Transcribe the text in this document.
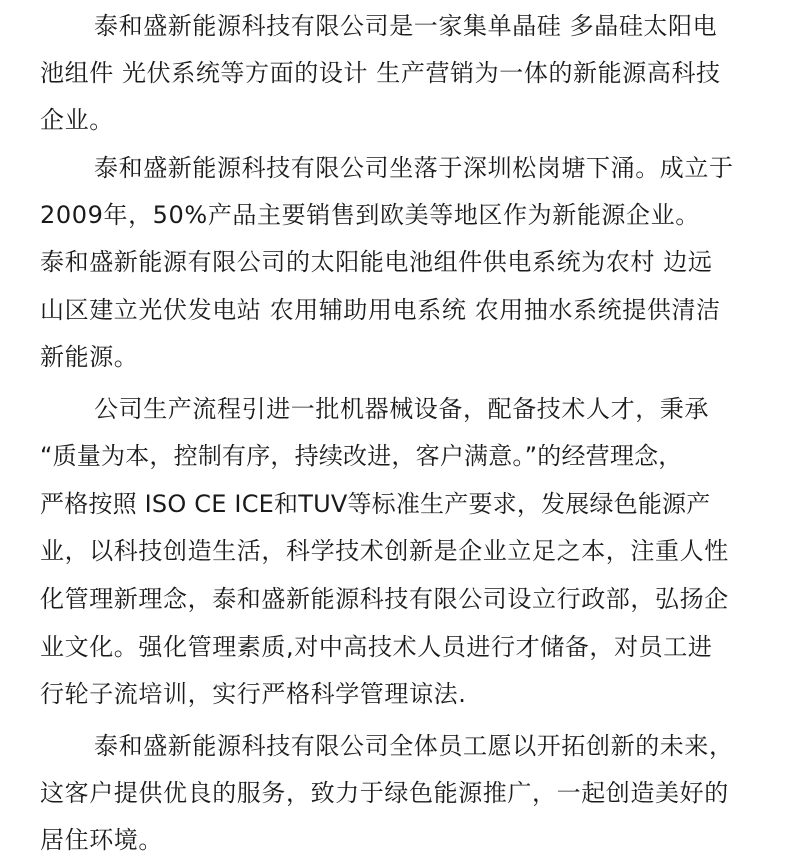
泰和盛新能源科技有限公司是一家集单晶硅 多晶硅太阳电
池组件 光伏系统等方面的设计 生产营销为一体的新能源高科技
企业。
泰和盛新能源科技有限公司坐落于深圳松岗塘下涌。成立于
2009年，50%产品主要销售到欧美等地区作为新能源企业。
泰和盛新能源有限公司的太阳能电池组件供电系统为农村 边远
山区建立光伏发电站 农用辅助用电系统 农用抽水系统提供清洁
新能源。
公司生产流程引进一批机器械设备，配备技术人才，秉承
“质量为本，控制有序，持续改进，客户满意。”的经营理念，
严格按照 ISO CE ICE和TUV等标准生产要求，发展绿色能源产
业，以科技创造生活，科学技术创新是企业立足之本，注重人性
化管理新理念，泰和盛新能源科技有限公司设立行政部，弘扬企
业文化。强化管理素质,对中高技术人员进行才储备，对员工进
行轮子流培训，实行严格科学管理谅法.
泰和盛新能源科技有限公司全体员工愿以开拓创新的未来，
这客户提供优良的服务，致力于绿色能源推广，一起创造美好的
居住环境。
